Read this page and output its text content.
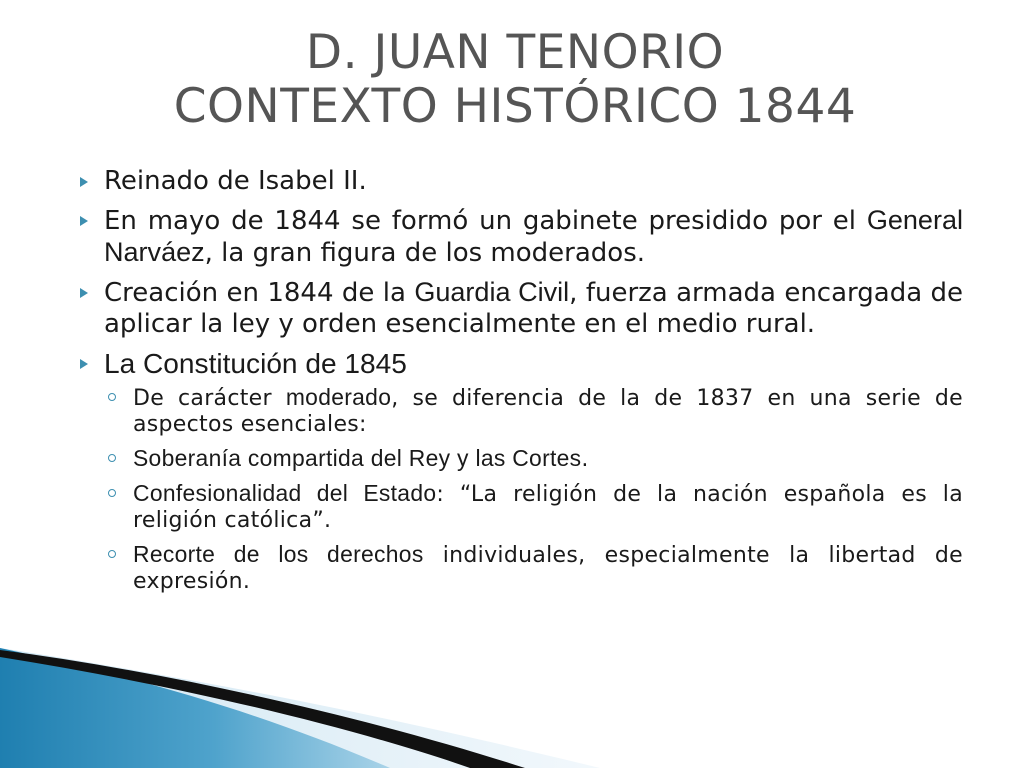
D. JUAN TENORIO
CONTEXTO HISTÓRICO 1844
Reinado de Isabel II.
En mayo de 1844 se formó un gabinete presidido por el General Narváez, la gran figura de los moderados.
Creación en 1844 de la Guardia Civil, fuerza armada encargada de aplicar la ley y orden esencialmente en el medio rural.
La Constitución de 1845
De carácter moderado, se diferencia de la de 1837 en una serie de aspectos esenciales:
Soberanía compartida del Rey y las Cortes.
Confesionalidad del Estado: “La religión de la nación española es la religión católica”.
Recorte de los derechos individuales, especialmente la libertad de expresión.
